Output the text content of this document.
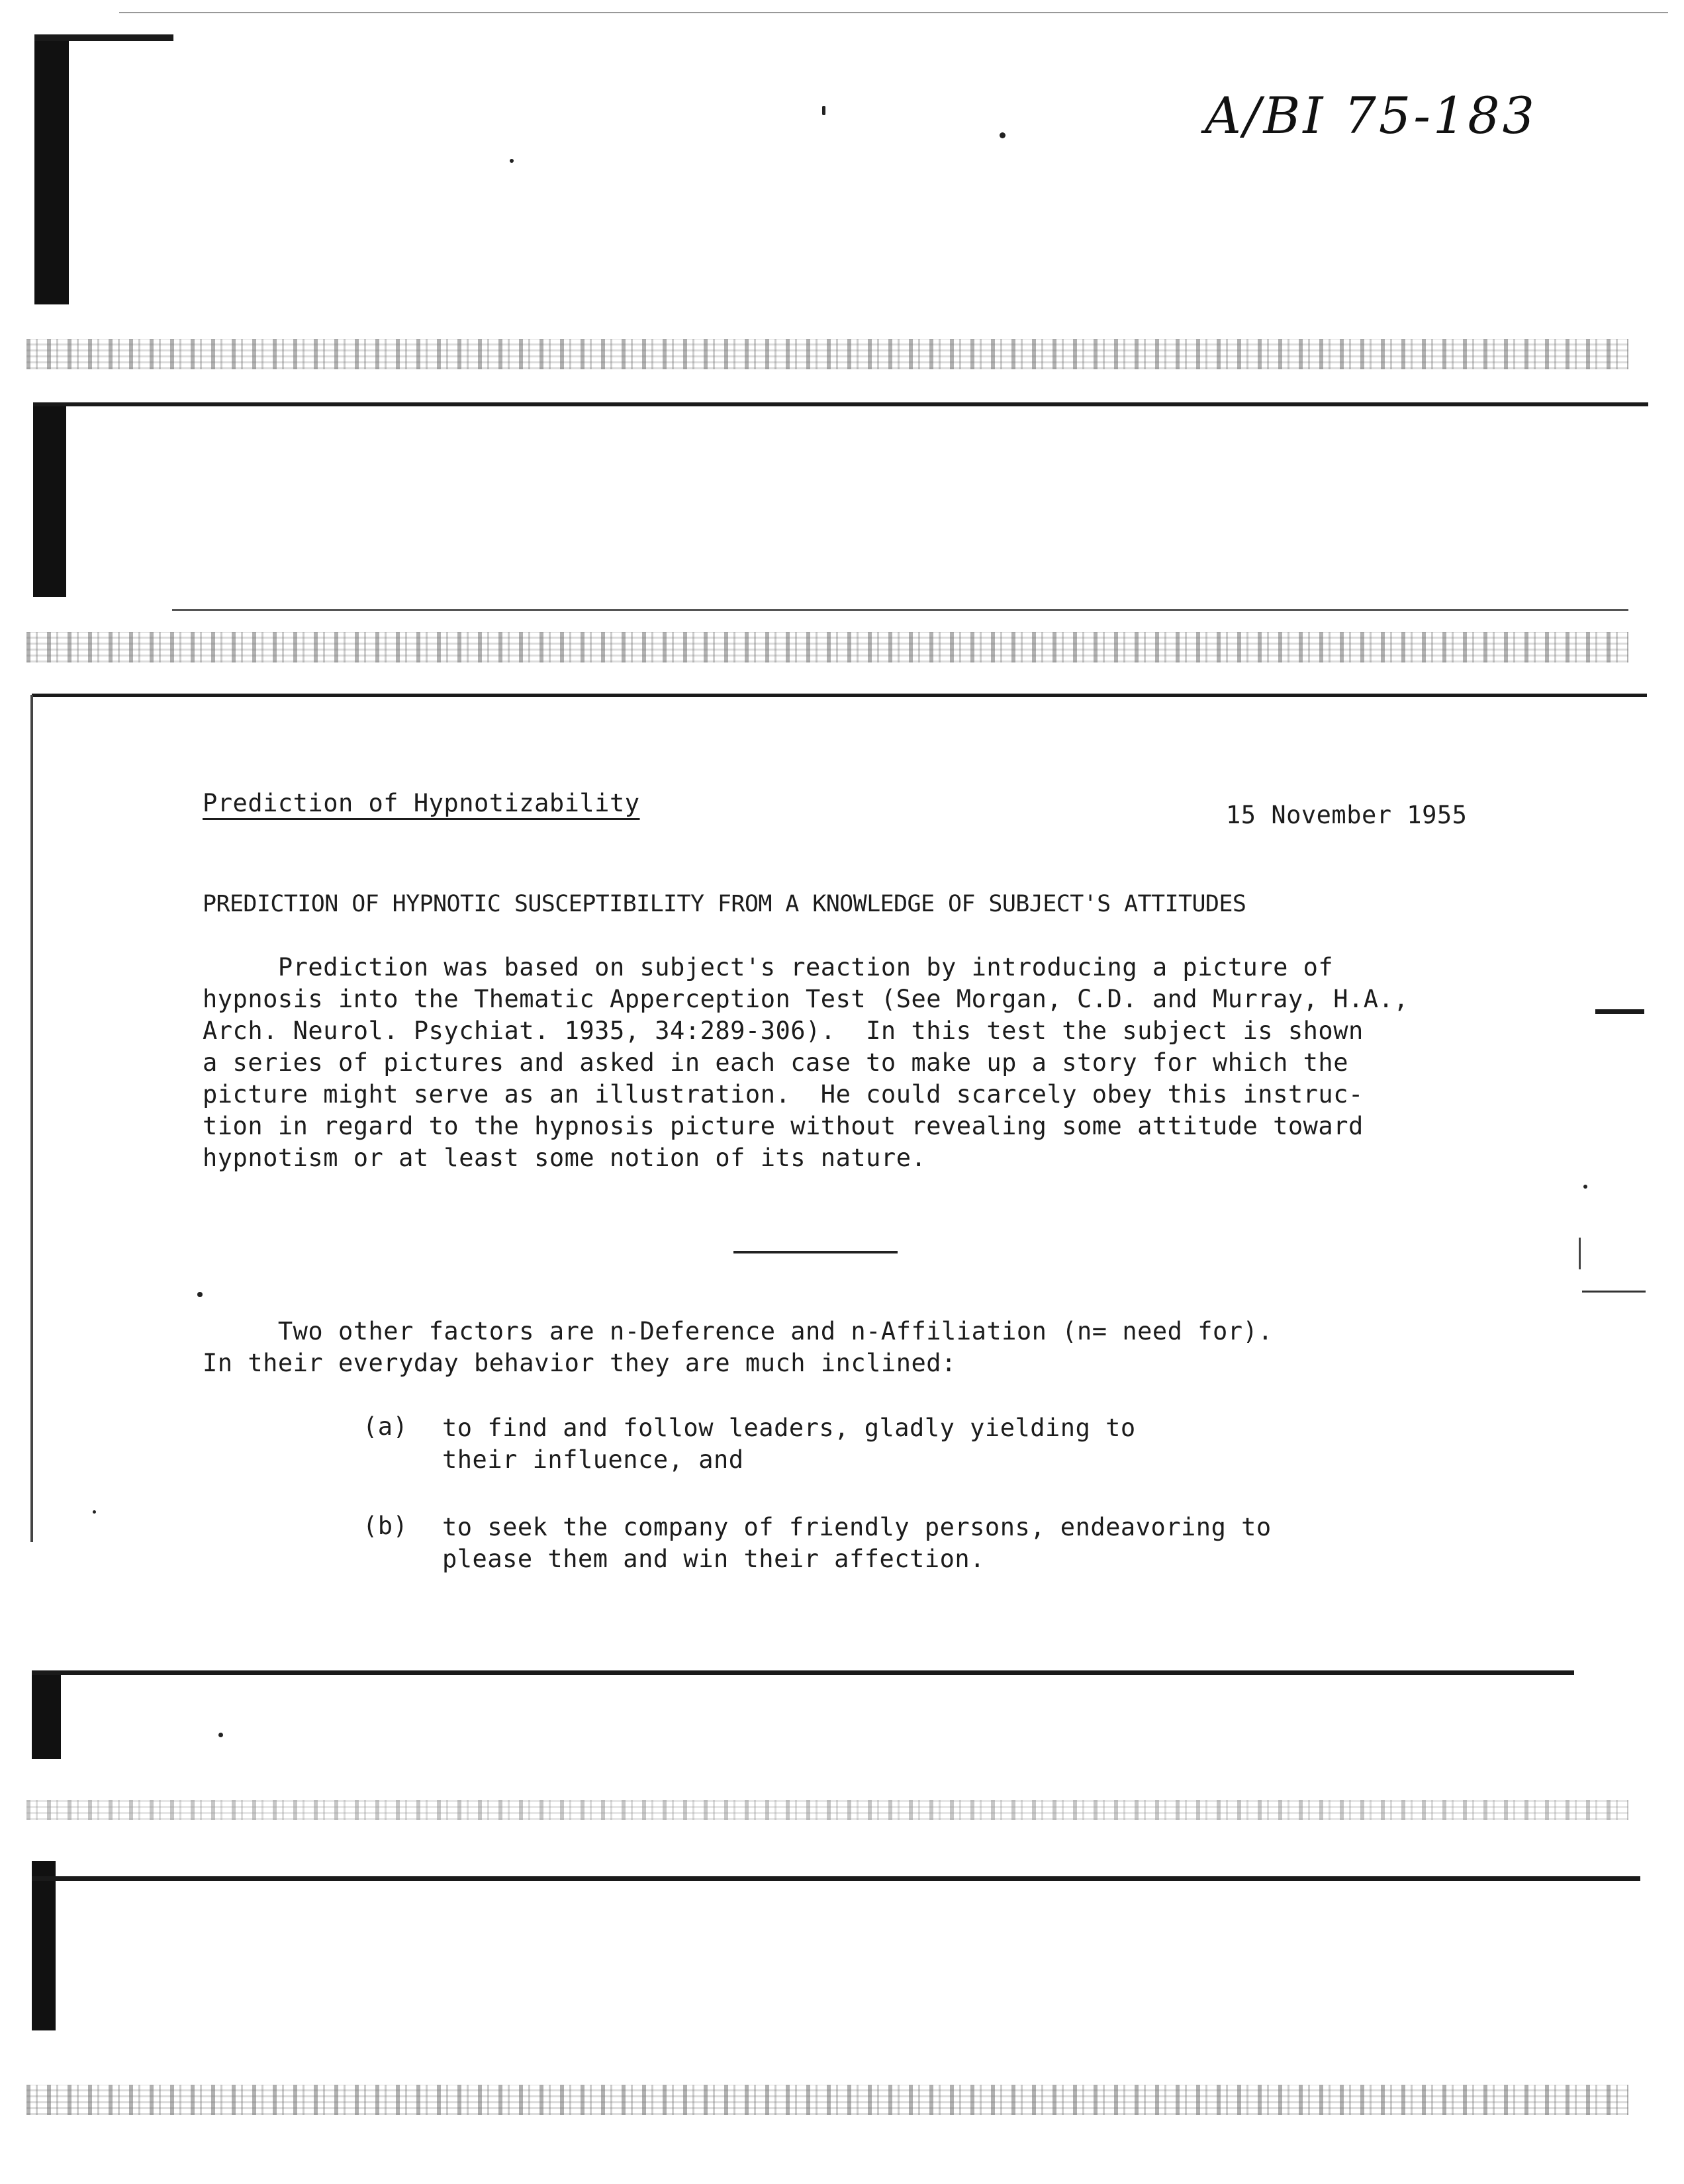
A/BI 75-183
Prediction of Hypnotizability	15 November 1955
PREDICTION OF HYPNOTIC SUSCEPTIBILITY FROM A KNOWLEDGE OF SUBJECT'S ATTITUDES
Prediction was based on subject's reaction by introducing a picture of
hypnosis into the Thematic Apperception Test (See Morgan, C.D. and Murray, H.A.,
Arch. Neurol. Psychiat. 1935, 34:289-306).  In this test the subject is shown
a series of pictures and asked in each case to make up a story for which the
picture might serve as an illustration.  He could scarcely obey this instruc-
tion in regard to the hypnosis picture without revealing some attitude toward
hypnotism or at least some notion of its nature.
Two other factors are n-Deference and n-Affiliation (n= need for).
In their everyday behavior they are much inclined:
(a) to find and follow leaders, gladly yielding to
their influence, and
(b) to seek the company of friendly persons, endeavoring to
please them and win their affection.
